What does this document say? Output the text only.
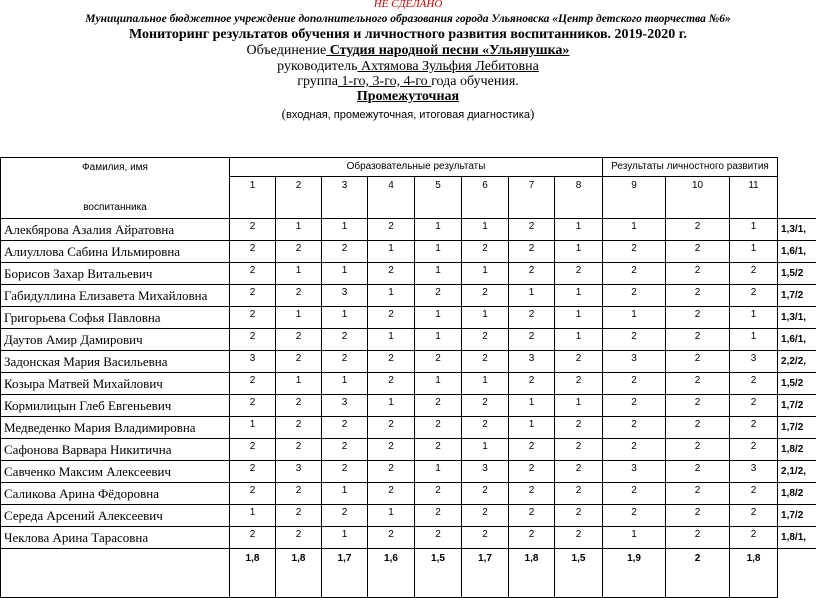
НЕ СДЕЛАНО
Муниципальное бюджетное учреждение дополнительного образования города Ульяновска «Центр детского творчества №6»
Мониторинг результатов обучения и личностного развития воспитанников. 2019-2020 г.
Объединение Студия народной песни «Ульянушка»
руководитель Ахтямова Зульфия Лебитовна
группа 1-го, 3-го, 4-го года обучения.
Промежуточная
(входная, промежуточная, итоговая диагностика)
Фамилия, имя

воспитанника	Образовательные результаты								Результаты личностного развития			
	1	2	3	4	5	6	7	8	9	10	11	
Алекбярова Азалия Айратовна	2	1	1	2	1	1	2	1	1	2	1	1,3/1,
Алиуллова Сабина Ильмировна	2	2	2	1	1	2	2	1	2	2	1	1,6/1,
Борисов Захар Витальевич	2	1	1	2	1	1	2	2	2	2	2	1,5/2
Габидуллина Елизавета Михайловна	2	2	3	1	2	2	1	1	2	2	2	1,7/2
Григорьева Софья Павловна	2	1	1	2	1	1	2	1	1	2	1	1,3/1,
Даутов Амир Дамирович	2	2	2	1	1	2	2	1	2	2	1	1,6/1,
Задонская Мария Васильевна	3	2	2	2	2	2	3	2	3	2	3	2,2/2,
Козыра Матвей Михайлович	2	1	1	2	1	1	2	2	2	2	2	1,5/2
Кормилицын Глеб Евгеньевич	2	2	3	1	2	2	1	1	2	2	2	1,7/2
Медведенко Мария Владимировна	1	2	2	2	2	2	1	2	2	2	2	1,7/2
Сафонова Варвара Никитична	2	2	2	2	2	1	2	2	2	2	2	1,8/2
Савченко Максим Алексеевич	2	3	2	2	1	3	2	2	3	2	3	2,1/2,
Саликова Арина Фёдоровна	2	2	1	2	2	2	2	2	2	2	2	1,8/2
Середа Арсений Алексеевич	1	2	2	1	2	2	2	2	2	2	2	1,7/2
Чеклова Арина Тарасовна	2	2	1	2	2	2	2	2	1	2	2	1,8/1,
	1,8	1,8	1,7	1,6	1,5	1,7	1,8	1,5	1,9	2	1,8	
